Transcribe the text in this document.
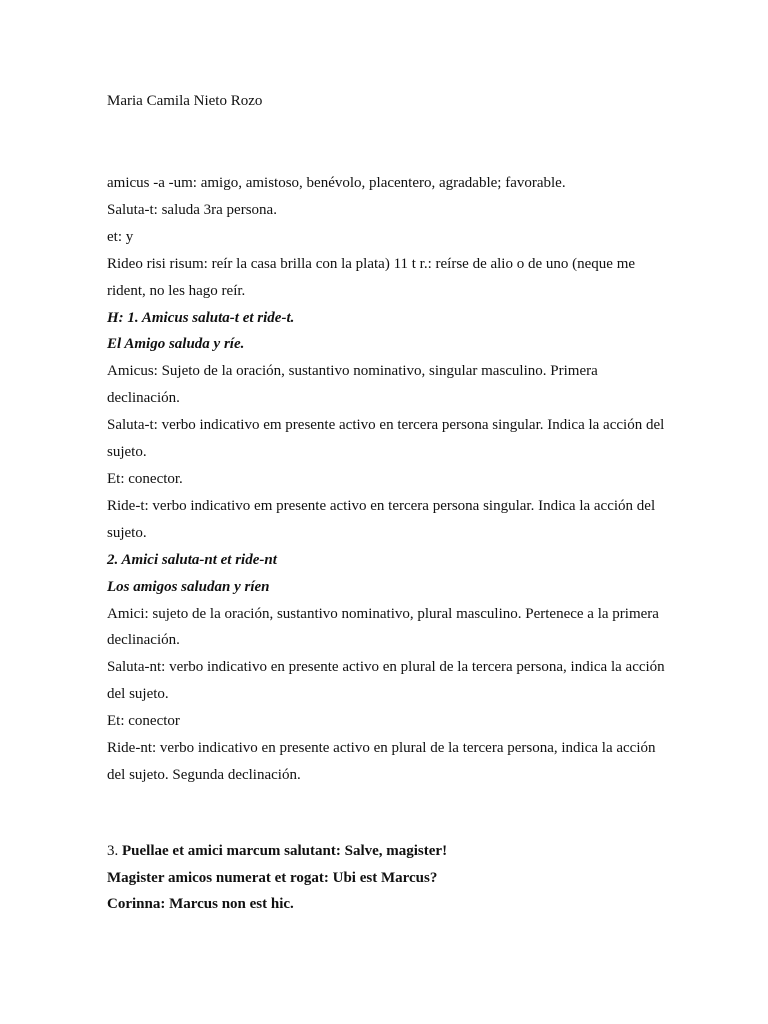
Maria Camila Nieto Rozo

amicus -a -um: amigo, amistoso, benévolo, placentero, agradable; favorable.

Saluta-t: saluda 3ra persona.

et: y

Rideo risi risum: reír la casa brilla con la plata) 11 t r.: reírse de alio o de uno (neque me rident, no les hago reír.

H: 1. Amicus saluta-t et ride-t.

El Amigo saluda y ríe.

Amicus: Sujeto de la oración, sustantivo nominativo, singular masculino. Primera declinación.

Saluta-t: verbo indicativo em presente activo en tercera persona singular. Indica la acción del sujeto.

Et: conector.

Ride-t: verbo indicativo em presente activo en tercera persona singular. Indica la acción del sujeto.

2. Amici saluta-nt et ride-nt

Los amigos saludan y ríen

Amici: sujeto de la oración, sustantivo nominativo, plural masculino. Pertenece a la primera declinación.

Saluta-nt: verbo indicativo en presente activo en plural de la tercera persona, indica la acción del sujeto.

Et: conector

Ride-nt: verbo indicativo en presente activo en plural de la tercera persona, indica la acción del sujeto. Segunda declinación.

3. Puellae et amici marcum salutant: Salve, magister!

Magister amicos numerat et rogat: Ubi est Marcus?

Corinna: Marcus non est hic.
